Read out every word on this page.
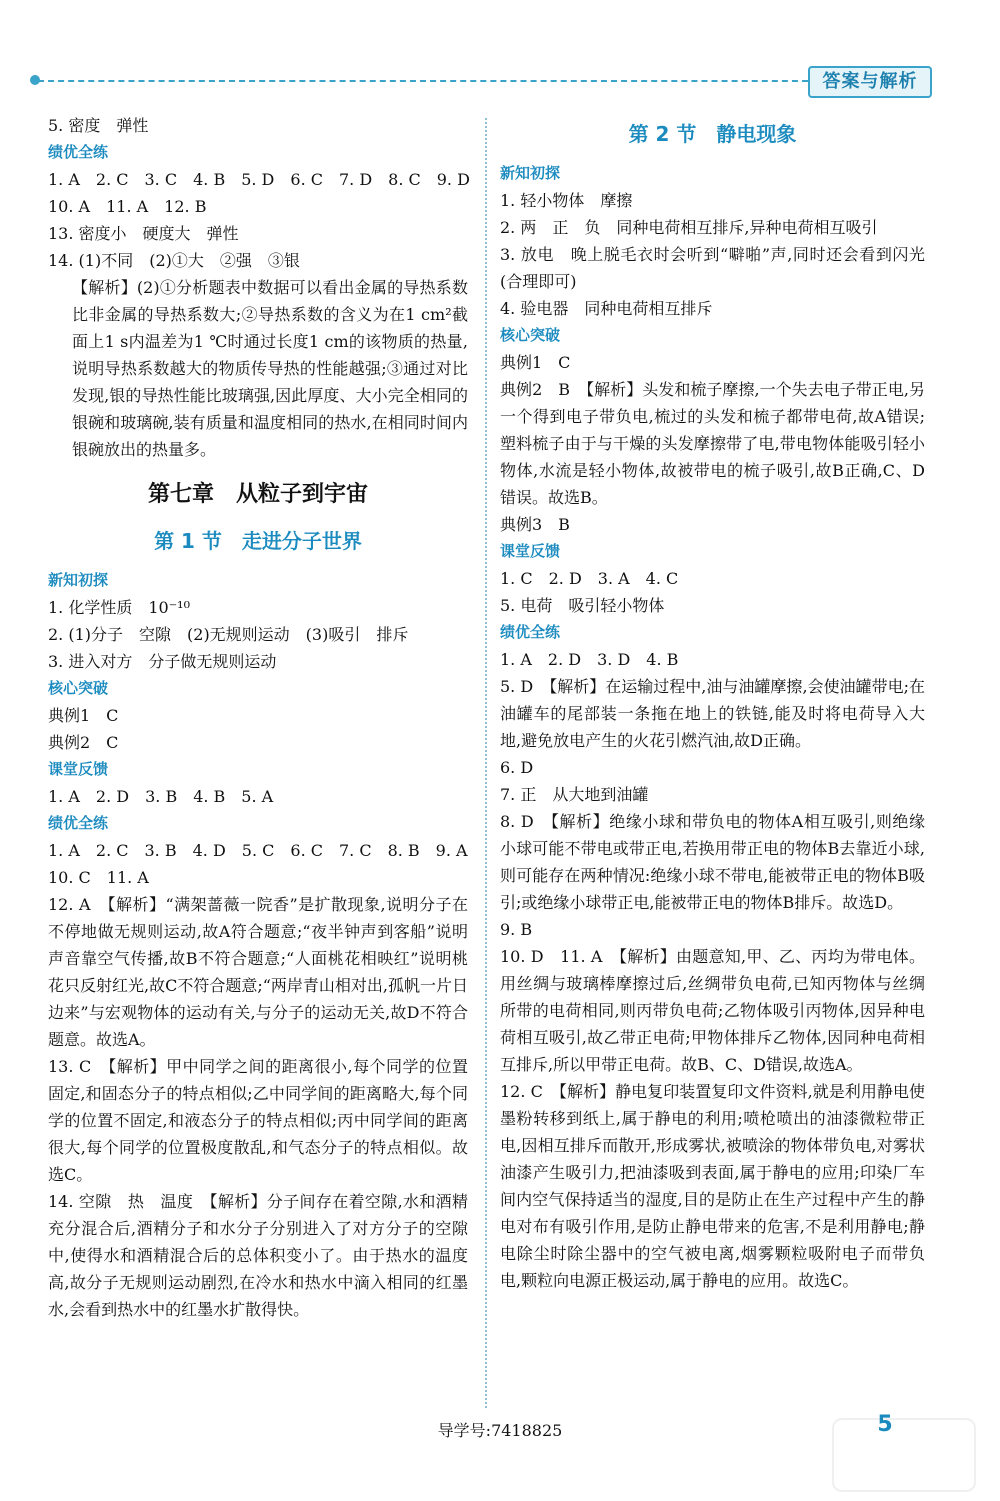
答案与解析
5. 密度　弹性
绩优全练
1. A　2. C　3. C　4. B　5. D　6. C　7. D　8. C　9. D
10. A　11. A　12. B
13. 密度小　硬度大　弹性
14. (1)不同　(2)①大　②强　③银
【解析】(2)①分析题表中数据可以看出金属的导热系数比非金属的导热系数大;②导热系数的含义为在1 cm²截面上1 s内温差为1 ℃时通过长度1 cm的该物质的热量,说明导热系数越大的物质传导热的性能越强;③通过对比发现,银的导热性能比玻璃强,因此厚度、大小完全相同的银碗和玻璃碗,装有质量和温度相同的热水,在相同时间内银碗放出的热量多。
第七章　从粒子到宇宙
第 1 节　走进分子世界
新知初探
1. 化学性质　10⁻¹⁰
2. (1)分子　空隙　(2)无规则运动　(3)吸引　排斥
3. 进入对方　分子做无规则运动
核心突破
典例1　C
典例2　C
课堂反馈
1. A　2. D　3. B　4. B　5. A
绩优全练
1. A　2. C　3. B　4. D　5. C　6. C　7. C　8. B　9. A
10. C　11. A
12. A　【解析】“满架蔷薇一院香”是扩散现象,说明分子在不停地做无规则运动,故A符合题意;“夜半钟声到客船”说明声音靠空气传播,故B不符合题意;“人面桃花相映红”说明桃花只反射红光,故C不符合题意;“两岸青山相对出,孤帆一片日边来”与宏观物体的运动有关,与分子的运动无关,故D不符合题意。故选A。
13. C　【解析】甲中同学之间的距离很小,每个同学的位置固定,和固态分子的特点相似;乙中同学间的距离略大,每个同学的位置不固定,和液态分子的特点相似;丙中同学间的距离很大,每个同学的位置极度散乱,和气态分子的特点相似。故选C。
14. 空隙　热　温度　【解析】分子间存在着空隙,水和酒精充分混合后,酒精分子和水分子分别进入了对方分子的空隙中,使得水和酒精混合后的总体积变小了。由于热水的温度高,故分子无规则运动剧烈,在冷水和热水中滴入相同的红墨水,会看到热水中的红墨水扩散得快。
第 2 节　静电现象
新知初探
1. 轻小物体　摩擦
2. 两　正　负　同种电荷相互排斥,异种电荷相互吸引
3. 放电　晚上脱毛衣时会听到“噼啪”声,同时还会看到闪光(合理即可)
4. 验电器　同种电荷相互排斥
核心突破
典例1　C
典例2　B　【解析】头发和梳子摩擦,一个失去电子带正电,另一个得到电子带负电,梳过的头发和梳子都带电荷,故A错误;塑料梳子由于与干燥的头发摩擦带了电,带电物体能吸引轻小物体,水流是轻小物体,故被带电的梳子吸引,故B正确,C、D错误。故选B。
典例3　B
课堂反馈
1. C　2. D　3. A　4. C
5. 电荷　吸引轻小物体
绩优全练
1. A　2. D　3. D　4. B
5. D　【解析】在运输过程中,油与油罐摩擦,会使油罐带电;在油罐车的尾部装一条拖在地上的铁链,能及时将电荷导入大地,避免放电产生的火花引燃汽油,故D正确。
6. D
7. 正　从大地到油罐
8. D　【解析】绝缘小球和带负电的物体A相互吸引,则绝缘小球可能不带电或带正电,若换用带正电的物体B去靠近小球,则可能存在两种情况:绝缘小球不带电,能被带正电的物体B吸引;或绝缘小球带正电,能被带正电的物体B排斥。故选D。
9. B
10. D　11. A　【解析】由题意知,甲、乙、丙均为带电体。用丝绸与玻璃棒摩擦过后,丝绸带负电荷,已知丙物体与丝绸所带的电荷相同,则丙带负电荷;乙物体吸引丙物体,因异种电荷相互吸引,故乙带正电荷;甲物体排斥乙物体,因同种电荷相互排斥,所以甲带正电荷。故B、C、D错误,故选A。
12. C　【解析】静电复印装置复印文件资料,就是利用静电使墨粉转移到纸上,属于静电的利用;喷枪喷出的油漆微粒带正电,因相互排斥而散开,形成雾状,被喷涂的物体带负电,对雾状油漆产生吸引力,把油漆吸到表面,属于静电的应用;印染厂车间内空气保持适当的湿度,目的是防止在生产过程中产生的静电对布有吸引作用,是防止静电带来的危害,不是利用静电;静电除尘时除尘器中的空气被电离,烟雾颗粒吸附电子而带负电,颗粒向电源正极运动,属于静电的应用。故选C。
导学号:7418825	5
